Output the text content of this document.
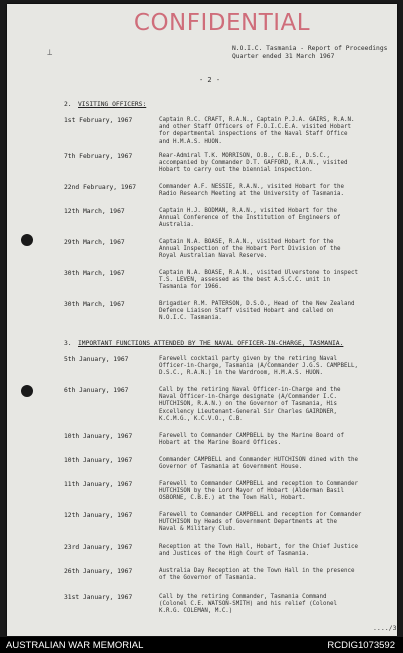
CONFIDENTIAL
⊥	N.O.I.C. Tasmania - Report of Proceedings
Quarter ended 31 March 1967
- 2 -
2. VISITING OFFICERS:
1st February, 1967	Captain R.C. CRAFT, R.A.N., Captain P.J.A. GAIRS, R.A.N.
and other Staff Officers of F.O.I.C.E.A. visited Hobart
for departmental inspections of the Naval Staff Office
and H.M.A.S. HUON.
7th February, 1967	Rear-Admiral T.K. MORRISON, O.B., C.B.E., D.S.C.,
accompanied by Commander D.T. GAFFORD, R.A.N., visited
Hobart to carry out the biennial inspection.
22nd February, 1967	Commander A.F. NESSIE, R.A.N., visited Hobart for the
Radio Research Meeting at the University of Tasmania.
12th March, 1967	Captain H.J. BODMAN, R.A.N., visited Hobart for the
Annual Conference of the Institution of Engineers of
Australia.
29th March, 1967	Captain N.A. BOASE, R.A.N., visited Hobart for the
Annual Inspection of the Hobart Port Division of the
Royal Australian Naval Reserve.
30th March, 1967	Captain N.A. BOASE, R.A.N., visited Ulverstone to inspect
T.S. LEVEN, assessed as the best A.S.C.C. unit in
Tasmania for 1966.
30th March, 1967	Brigadier R.M. PATERSON, D.S.O., Head of the New Zealand
Defence Liaison Staff visited Hobart and called on
N.O.I.C. Tasmania.
3. IMPORTANT FUNCTIONS ATTENDED BY THE NAVAL OFFICER-IN-CHARGE, TASMANIA.
5th January, 1967	Farewell cocktail party given by the retiring Naval
Officer-in-Charge, Tasmania (A/Commander J.G.S. CAMPBELL,
D.S.C., R.A.N.) in the Wardroom, H.M.A.S. HUON.
6th January, 1967	Call by the retiring Naval Officer-in-Charge and the
Naval Officer-in-Charge designate (A/Commander I.C.
HUTCHISON, R.A.N.) on the Governor of Tasmania, His
Excellency Lieutenant-General Sir Charles GAIRDNER,
K.C.M.G., K.C.V.O., C.B.
10th January, 1967	Farewell to Commander CAMPBELL by the Marine Board of
Hobart at the Marine Board Offices.
10th January, 1967	Commander CAMPBELL and Commander HUTCHISON dined with the
Governor of Tasmania at Government House.
11th January, 1967	Farewell to Commander CAMPBELL and reception to Commander
HUTCHISON by the Lord Mayor of Hobart (Alderman Basil
OSBORNE, C.B.E.) at the Town Hall, Hobart.
12th January, 1967	Farewell to Commander CAMPBELL and reception for Commander
HUTCHISON by Heads of Government Departments at the
Naval & Military Club.
23rd January, 1967	Reception at the Town Hall, Hobart, for the Chief Justice
and Justices of the High Court of Tasmania.
26th January, 1967	Australia Day Reception at the Town Hall in the presence
of the Governor of Tasmania.
31st January, 1967	Call by the retiring Commander, Tasmania Command
(Colonel C.E. WATSON-SMITH) and his relief (Colonel
K.R.G. COLEMAN, M.C.)
..../3
AUSTRALIAN WAR MEMORIAL	RCDIG1073592
